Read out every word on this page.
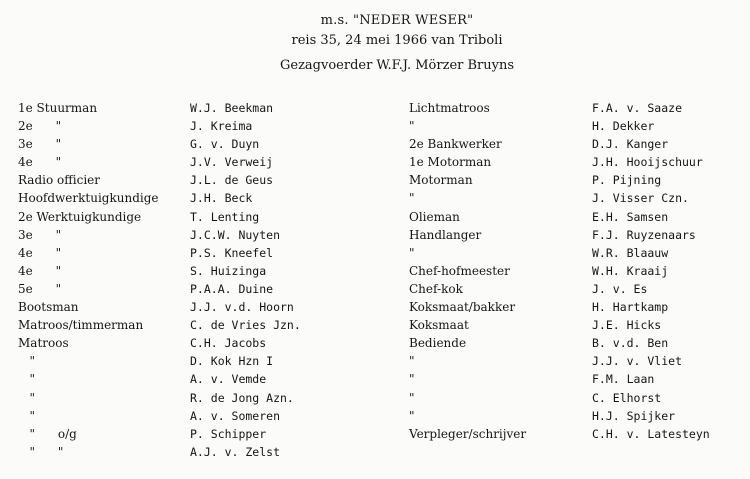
m.s. "NEDER WESER"
reis 35, 24 mei 1966 van Triboli
Gezagvoerder W.F.J. Mörzer Bruyns
1e Stuurman	W.J. Beekman	Lichtmatroos	F.A. v. Saaze
2e      "	J. Kreima	"	H. Dekker
3e      "	G. v. Duyn	2e Bankwerker	D.J. Kanger
4e      "	J.V. Verweij	1e Motorman	J.H. Hooijschuur
Radio officier	J.L. de Geus	Motorman	P. Pijning
Hoofdwerktuigkundige	J.H. Beck	"	J. Visser Czn.
2e Werktuigkundige	T. Lenting	Olieman	E.H. Samsen
3e      "	J.C.W. Nuyten	Handlanger	F.J. Ruyzenaars
4e      "	P.S. Kneefel	"	W.R. Blaauw
4e      "	S. Huizinga	Chef-hofmeester	W.H. Kraaij
5e      "	P.A.A. Duine	Chef-kok	J. v. Es
Bootsman	J.J. v.d. Hoorn	Koksmaat/bakker	H. Hartkamp
Matroos/timmerman	C. de Vries Jzn.	Koksmaat	J.E. Hicks
Matroos	C.H. Jacobs	Bediende	B. v.d. Ben
"	D. Kok Hzn I	"	J.J. v. Vliet
"	A. v. Vemde	"	F.M. Laan
"	R. de Jong Azn.	"	C. Elhorst
"	A. v. Someren	"	H.J. Spijker
"      o/g	P. Schipper	Verpleger/schrijver	C.H. v. Latesteyn
"      "	A.J. v. Zelst
